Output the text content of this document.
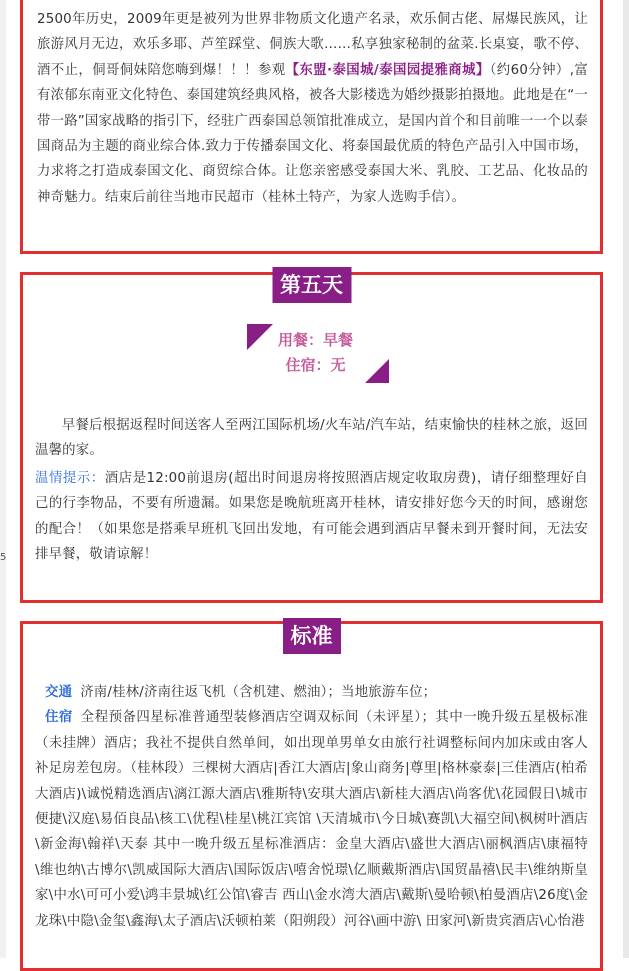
5

2500年历史，2009年更是被列为世界非物质文化遗产名录，欢乐侗古佬、屌爆民族风，让旅游风月无边，欢乐多耶、芦笙踩堂、侗族大歌……私享独家秘制的盆菜.长桌宴，歌不停、酒不止，侗哥侗妹陪您嗨到爆！！！参观【东盟·泰国城/泰国园提雅商城】（约60分钟）,富有浓郁东南亚文化特色、泰国建筑经典风格，被各大影楼选为婚纱摄影拍摄地。此地是在“一带一路”国家战略的指引下，经驻广西泰国总领馆批准成立，是国内首个和目前唯一一个以泰国商品为主题的商业综合体.致力于传播泰国文化、将泰国最优质的特色产品引入中国市场，力求将之打造成泰国文化、商贸综合体。让您亲密感受泰国大米、乳胶、工艺品、化妆品的神奇魅力。结束后前往当地市民超市（桂林土特产，为家人选购手信）。

第五天
用餐：早餐
住宿：无

早餐后根据返程时间送客人至两江国际机场/火车站/汽车站，结束愉快的桂林之旅，返回温馨的家。

温情提示：酒店是12:00前退房(超出时间退房将按照酒店规定收取房费)，请仔细整理好自己的行李物品，不要有所遗漏。如果您是晚航班离开桂林，请安排好您今天的时间，感谢您的配合！（如果您是搭乘早班机飞回出发地，有可能会遇到酒店早餐未到开餐时间，无法安排早餐，敬请谅解！

标准

交通 济南/桂林/济南往返飞机（含机建、燃油）；当地旅游车位；

住宿 全程预备四星标准普通型装修酒店空调双标间（未评星）；其中一晚升级五星极标准（未挂牌）酒店；我社不提供自然单间，如出现单男单女由旅行社调整标间内加床或由客人补足房差包房。（桂林段）三棵树大酒店|香江大酒店|象山商务|尊里|格林豪泰|三佳酒店(柏希大酒店)\诚悦精选酒店\漓江源大酒店\雅斯特\安琪大酒店\新桂大酒店\尚客优\花园假日\城市便捷\汉庭\易佰良品\核工\优程\桂星\桃江宾馆 \天清城市\今日城\赛凯\大福空间\枫树叶酒店\新金海\翰祥\天泰 其中一晚升级五星标准酒店：金皇大酒店\盛世大酒店\丽枫酒店\康福特\维也纳\古博尔\凯威国际大酒店\国际饭店\嘻舍悦璟\亿顺戴斯酒店\国贸晶禧\民丰\维纳斯皇家\中水\可可小爱\鸿丰景城\红公馆\睿吉 西山\金水湾大酒店\戴斯\曼哈顿\柏曼酒店\26度\金龙珠\中隐\金玺\鑫海\太子酒店\沃顿柏莱（阳朔段）河谷\画中游\ 田家河\新贵宾酒店\心怡港
